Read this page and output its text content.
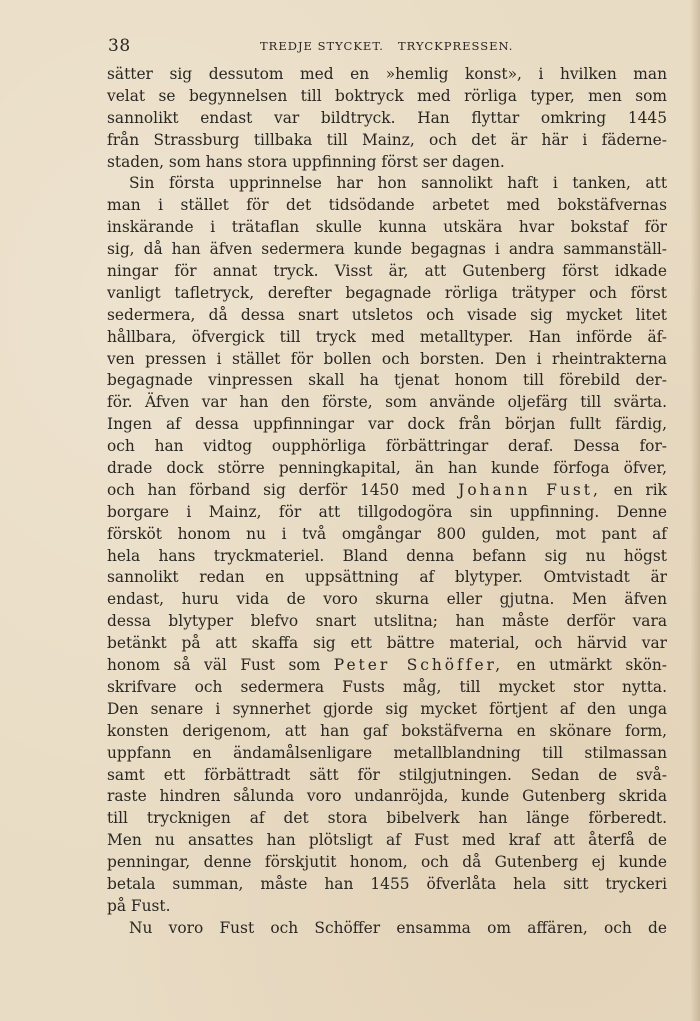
38	TREDJE STYCKET. TRYCKPRESSEN.
sätter sig dessutom med en »hemlig konst», i hvilken man
velat se begynnelsen till boktryck med rörliga typer, men som
sannolikt endast var bildtryck. Han flyttar omkring 1445
från Strassburg tillbaka till Mainz, och det är här i fäderne-
staden, som hans stora uppfinning först ser dagen.
Sin första upprinnelse har hon sannolikt haft i tanken, att
man i stället för det tidsödande arbetet med bokstäfvernas
inskärande i trätaflan skulle kunna utskära hvar bokstaf för
sig, då han äfven sedermera kunde begagnas i andra sammanställ-
ningar för annat tryck. Visst är, att Gutenberg först idkade
vanligt tafletryck, derefter begagnade rörliga trätyper och först
sedermera, då dessa snart utsletos och visade sig mycket litet
hållbara, öfvergick till tryck med metalltyper. Han införde äf-
ven pressen i stället för bollen och borsten. Den i rheintrakterna
begagnade vinpressen skall ha tjenat honom till förebild der-
för. Äfven var han den förste, som använde oljefärg till svärta.
Ingen af dessa uppfinningar var dock från början fullt färdig,
och han vidtog oupphörliga förbättringar deraf. Dessa for-
drade dock större penningkapital, än han kunde förfoga öfver,
och han förband sig derför 1450 med Johann Fust, en rik
borgare i Mainz, för att tillgodogöra sin uppfinning. Denne
försköt honom nu i två omgångar 800 gulden, mot pant af
hela hans tryckmateriel. Bland denna befann sig nu högst
sannolikt redan en uppsättning af blytyper. Omtvistadt är
endast, huru vida de voro skurna eller gjutna. Men äfven
dessa blytyper blefvo snart utslitna; han måste derför vara
betänkt på att skaffa sig ett bättre material, och härvid var
honom så väl Fust som Peter Schöffer, en utmärkt skön-
skrifvare och sedermera Fusts måg, till mycket stor nytta.
Den senare i synnerhet gjorde sig mycket förtjent af den unga
konsten derigenom, att han gaf bokstäfverna en skönare form,
uppfann en ändamålsenligare metallblandning till stilmassan
samt ett förbättradt sätt för stilgjutningen. Sedan de svå-
raste hindren sålunda voro undanröjda, kunde Gutenberg skrida
till trycknigen af det stora bibelverk han länge förberedt.
Men nu ansattes han plötsligt af Fust med kraf att återfå de
penningar, denne förskjutit honom, och då Gutenberg ej kunde
betala summan, måste han 1455 öfverlåta hela sitt tryckeri
på Fust.
Nu voro Fust och Schöffer ensamma om affären, och de
